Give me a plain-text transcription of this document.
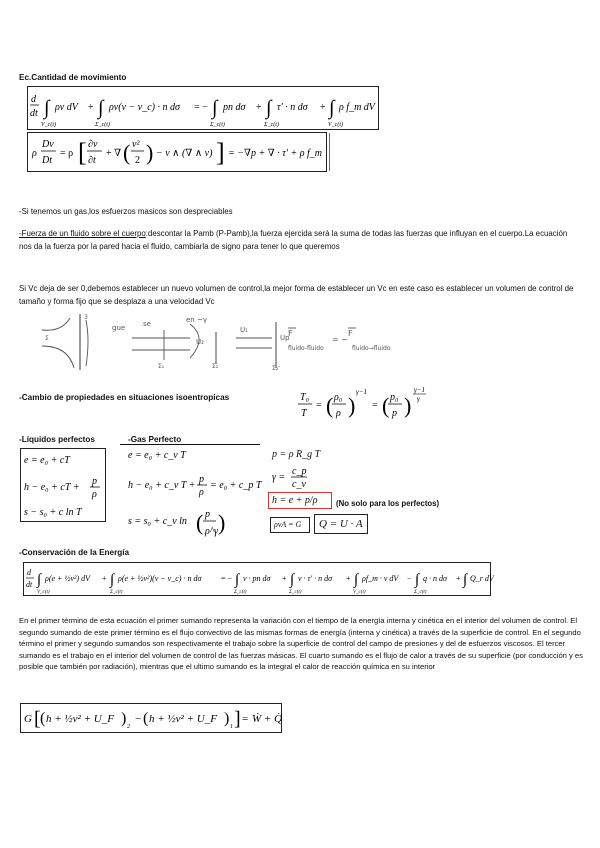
Ec.Cantidad de movimiento
d
dt ∫ ρv dV
V_c(t)
+ ∫ ρv(v − v_c) · n dσ
Σ_c(t)
= − ∫ pn dσ
Σ_c(t)
+ ∫ τ′ · n dσ
Σ_c(t)
+ ∫ ρ f_m dV
V_c(t)
ρ
Dv
Dt
= ρ [ ∂v
∂t
+ ∇ ( v²
2 ) − v ∧ (∇ ∧ v) ] = −∇p + ∇ · τ′ + ρ f_m
-Si tenemos un gas,los esfuerzos masicos son despreciables
-Fuerza de un fluido sobre el cuerpo:descontar la Pamb (P-Pamb),la fuerza ejercida será la suma de todas las fuerzas que influyan en el cuerpo.La ecuación nos da la fuerza por la pared hacia el fluido, cambiarla de signo para tener lo que queremos
Si Vc deja de ser 0,debemos establecer un nuevo volumen de control,la mejor forma de establecer un Vc en este caso es establecer un volumen de control de tamaño y forma fijo que se desplaza a una velocidad Vc
Σ
3
gue	se
Σ₁
U₂
Σ₂
U₁
Up
Σ₂'
en ~γ
F
fluido-fluido
= −
F
fluido→fluido
-Cambio de propiedades en situaciones isoentropicas	T₀
T
= ( ρ₀
ρ )
γ−1
= ( p₀
p )
γ−1
γ
-Líquidos perfectos	-Gas Perfecto
e = e₀ + cT
h − e₀ + cT +
p
ρ
s − s₀ + c ln T
e = e₀ + c_v T
h − e₀ + c_v T +
p
ρ
= e₀ + c_p T
s = s₀ + c_v ln ( p
ρ^γ )
p = ρ R_g T
γ =
c_p
c_v
h = e + p/ρ	(No solo para los perfectos)
ρvA = G	Q = U · A
-Conservación de la Energía
d
dt ∫ ρ(e + ½v²) dV
V_c(t)
+ ∫ ρ(e + ½v²)(v − v_c) · n dσ
Σ_c(t)
= − ∫ v · pn dσ
Σ_c(t)
+ ∫ v · τ′ · n dσ
Σ_c(t)
+ ∫ ρf_m · v dV
V_c(t)
− ∫ q · n dσ
Σ_c(t)
+ ∫ Q_r dV
En el primer término de esta ecuación el primer sumando representa la variación con el tiempo de la energía interna y cinética en el interior del volumen de control. El segundo sumando de este primer término es el flujo convectivo de las mismas formas de energía (interna y cinética) a través de la superficie de control. En el segundo término el primer y segundo sumandos son respectivamente el trabajo sobre la superficie de control del campo de presiones y del de esfuerzos viscosos. El tercer sumando es el trabajo en el interior del volumen de control de las fuerzas másicas. El cuarto sumando es el flujo de calor a través de su superficie (por conducción y es posible que también por radiación), mientras que el ultimo sumando es la integral el calor de reacción química en su interior
G [ ( h + ½v² + U_F ) 2
− ( h + ½v² + U_F ) 1 ] = Ẇ + Q̇
